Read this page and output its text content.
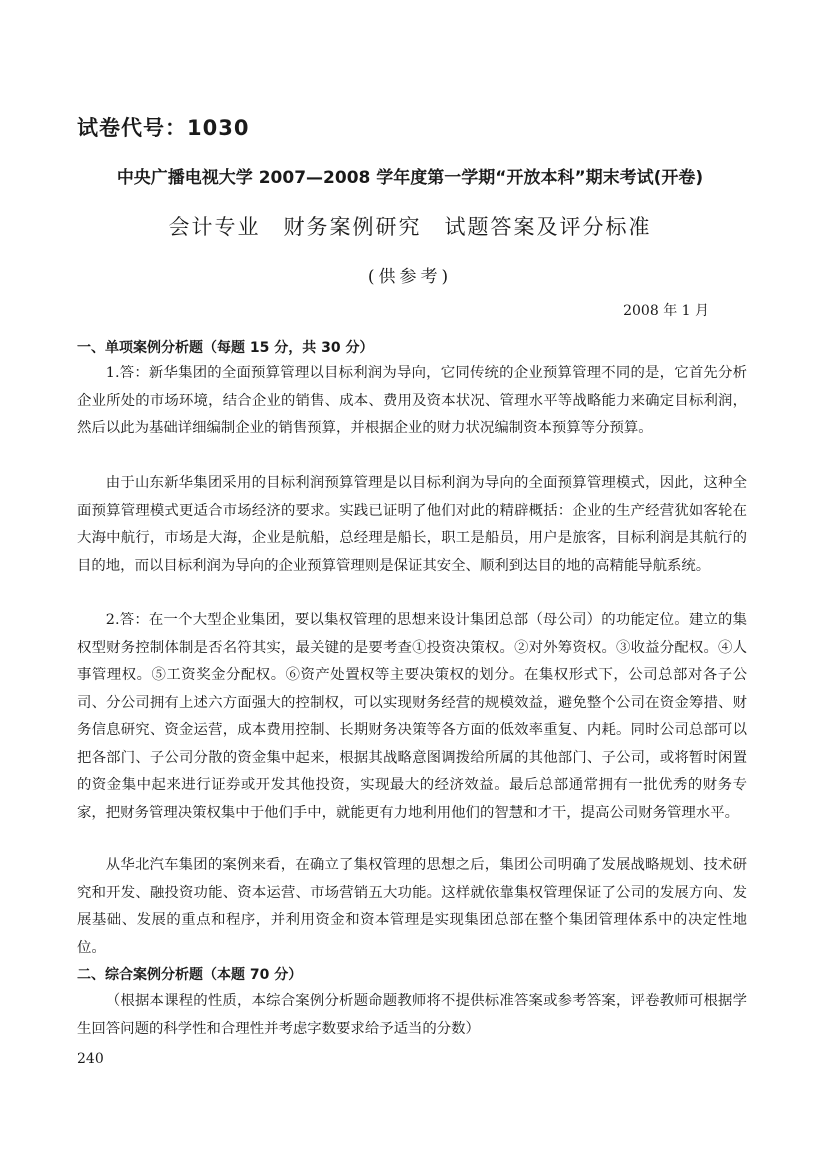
试卷代号：1030
中央广播电视大学 2007—2008 学年度第一学期“开放本科”期末考试(开卷)
会计专业　财务案例研究　试题答案及评分标准
(供参考)
2008 年 1 月
一、单项案例分析题（每题 15 分，共 30 分）

1.答：新华集团的全面预算管理以目标利润为导向，它同传统的企业预算管理不同的是，它首先分析企业所处的市场环境，结合企业的销售、成本、费用及资本状况、管理水平等战略能力来确定目标利润，然后以此为基础详细编制企业的销售预算，并根据企业的财力状况编制资本预算等分预算。

由于山东新华集团采用的目标利润预算管理是以目标利润为导向的全面预算管理模式，因此，这种全面预算管理模式更适合市场经济的要求。实践已证明了他们对此的精辟概括：企业的生产经营犹如客轮在大海中航行，市场是大海，企业是航船，总经理是船长，职工是船员，用户是旅客，目标利润是其航行的目的地，而以目标利润为导向的企业预算管理则是保证其安全、顺利到达目的地的高精能导航系统。

2.答：在一个大型企业集团，要以集权管理的思想来设计集团总部（母公司）的功能定位。建立的集权型财务控制体制是否名符其实，最关键的是要考查①投资决策权。②对外筹资权。③收益分配权。④人事管理权。⑤工资奖金分配权。⑥资产处置权等主要决策权的划分。在集权形式下，公司总部对各子公司、分公司拥有上述六方面强大的控制权，可以实现财务经营的规模效益，避免整个公司在资金筹措、财务信息研究、资金运营，成本费用控制、长期财务决策等各方面的低效率重复、内耗。同时公司总部可以把各部门、子公司分散的资金集中起来，根据其战略意图调拨给所属的其他部门、子公司，或将暂时闲置的资金集中起来进行证券或开发其他投资，实现最大的经济效益。最后总部通常拥有一批优秀的财务专家，把财务管理决策权集中于他们手中，就能更有力地利用他们的智慧和才干，提高公司财务管理水平。

从华北汽车集团的案例来看，在确立了集权管理的思想之后，集团公司明确了发展战略规划、技术研究和开发、融投资功能、资本运营、市场营销五大功能。这样就依靠集权管理保证了公司的发展方向、发展基础、发展的重点和程序，并利用资金和资本管理是实现集团总部在整个集团管理体系中的决定性地位。

二、综合案例分析题（本题 70 分）

（根据本课程的性质，本综合案例分析题命题教师将不提供标准答案或参考答案，评卷教师可根据学生回答问题的科学性和合理性并考虑字数要求给予适当的分数）

240
